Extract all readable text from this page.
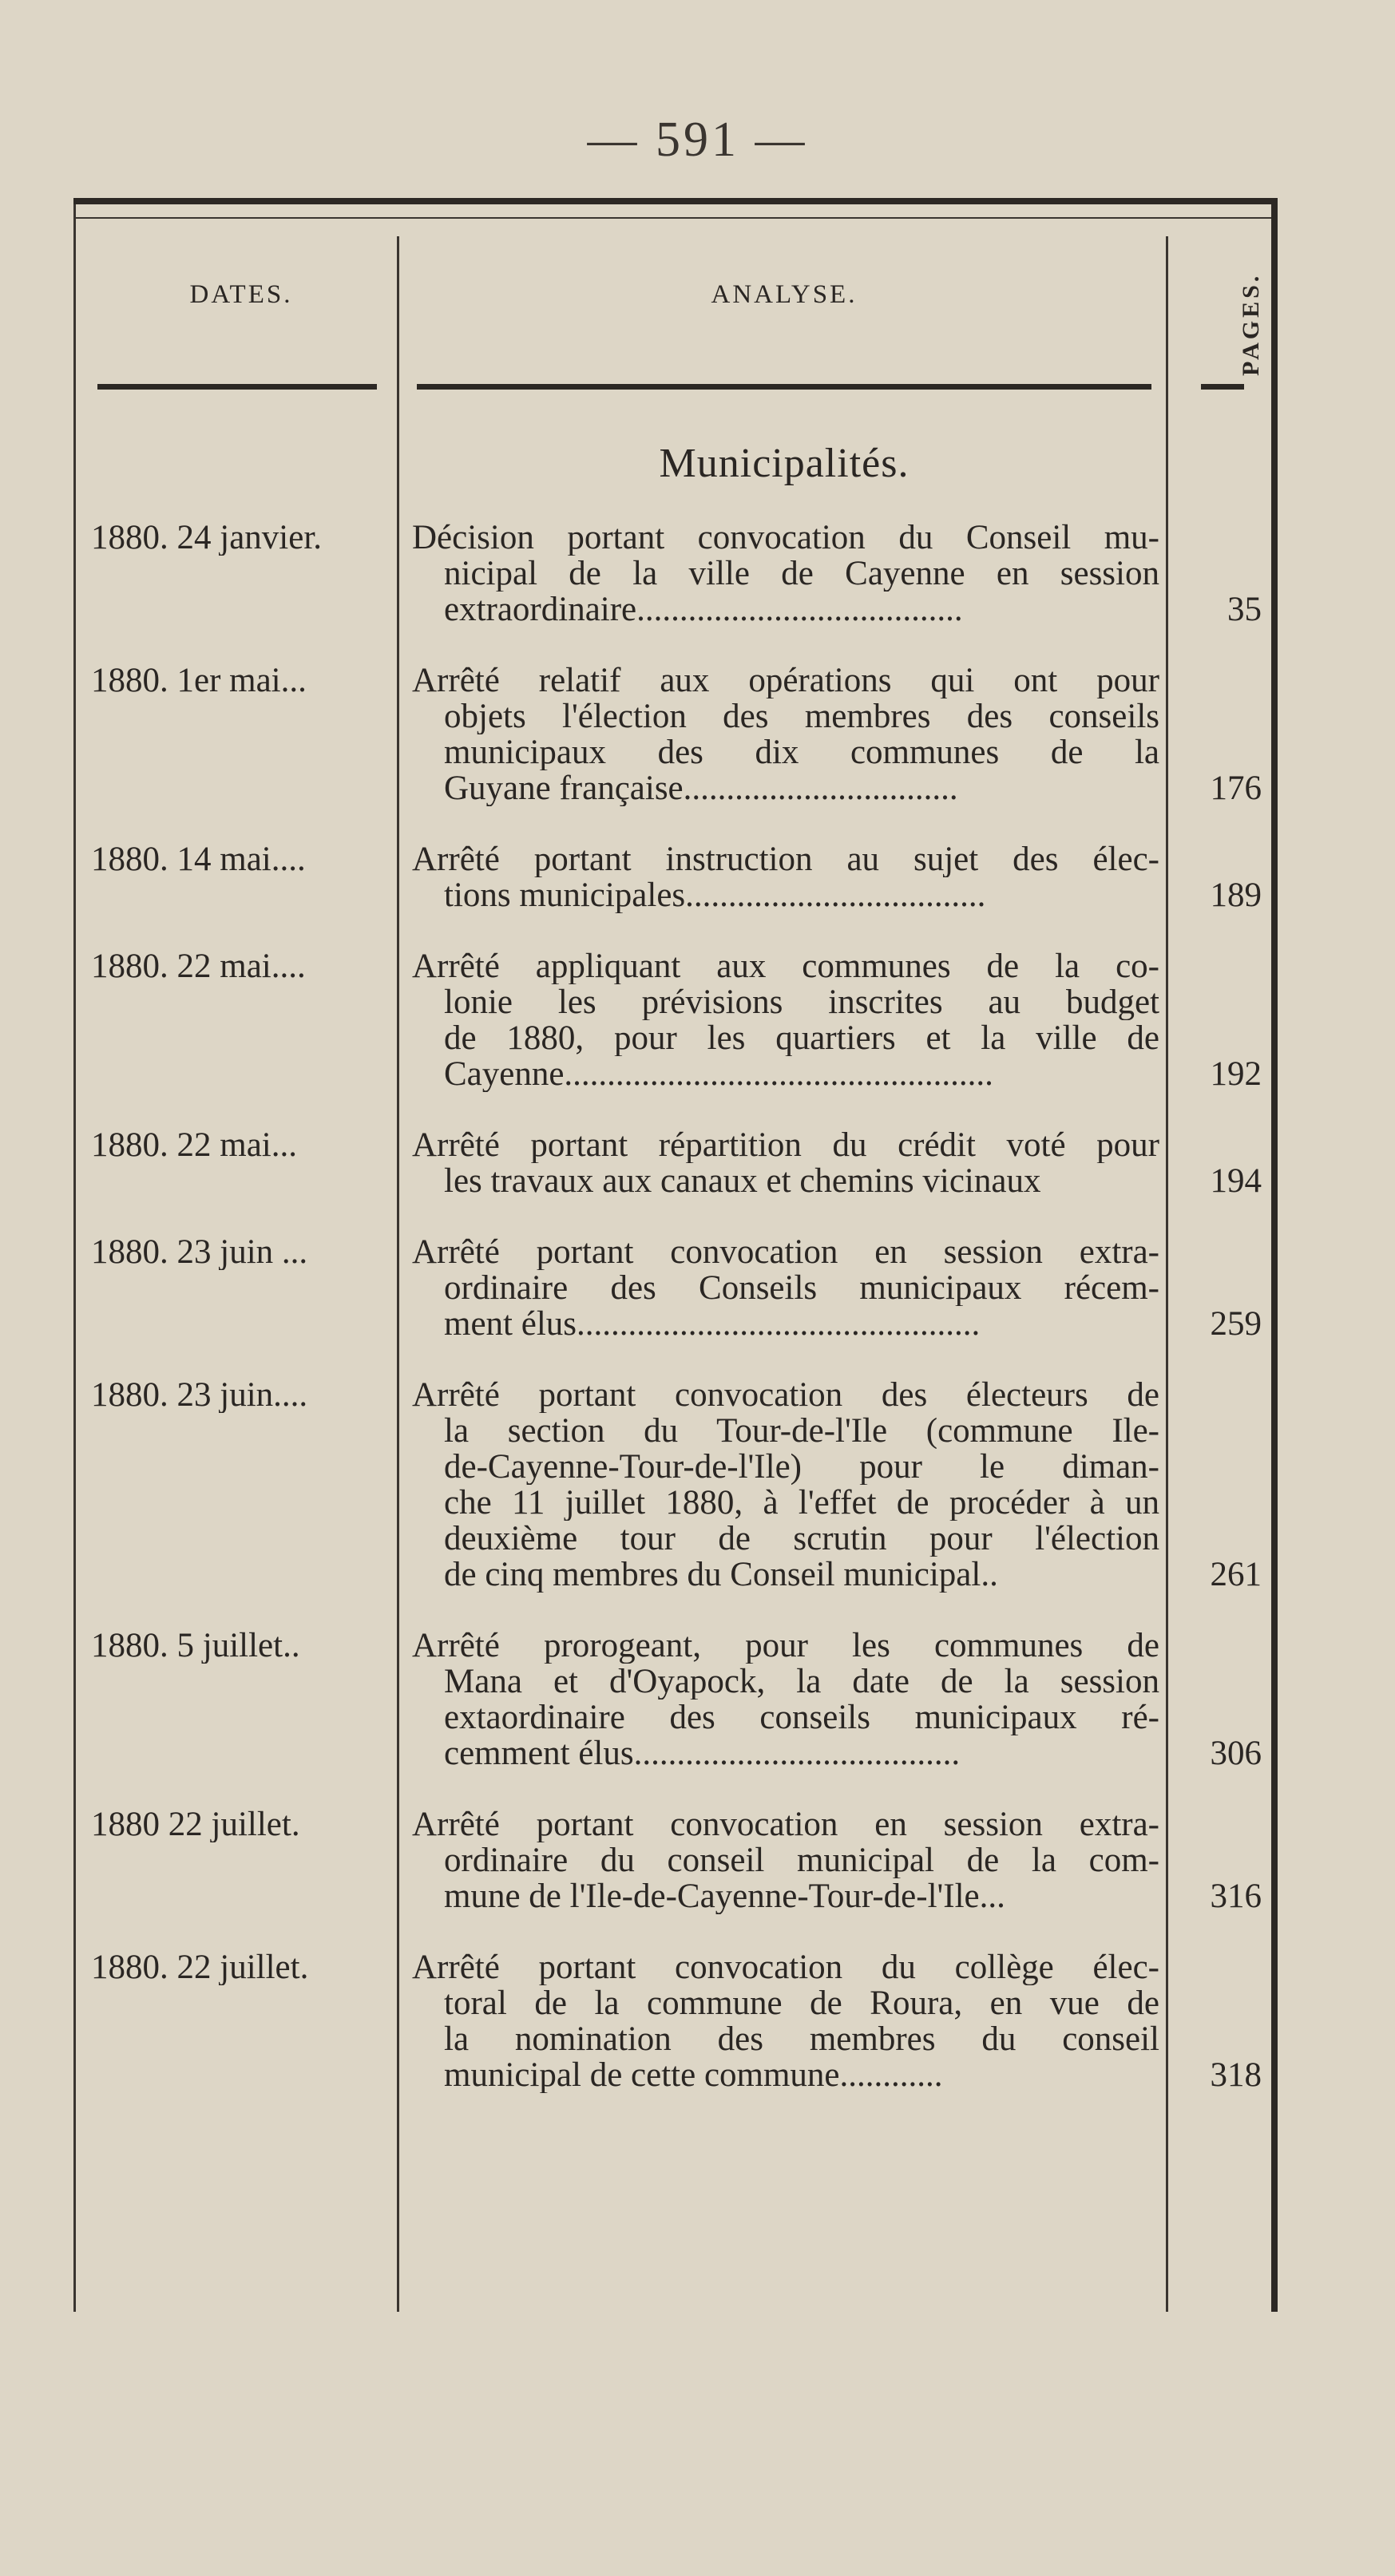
— 591 —
DATES.	ANALYSE.	PAGES.
Municipalités.
1880. 24 janvier.	Décision portant convocation du Conseil mu-
nicipal de la ville de Cayenne en session
extraordinaire......................................	35
1880. 1er mai...	Arrêté relatif aux opérations qui ont pour
objets l'élection des membres des conseils
municipaux des dix communes de la
Guyane française................................	176
1880. 14 mai....	Arrêté portant instruction au sujet des élec-
tions municipales...................................	189
1880. 22 mai....	Arrêté appliquant aux communes de la co-
lonie les prévisions inscrites au budget
de 1880, pour les quartiers et la ville de
Cayenne..................................................	192
1880. 22 mai...	Arrêté portant répartition du crédit voté pour
les travaux aux canaux et chemins vicinaux	194
1880. 23 juin ...	Arrêté portant convocation en session extra-
ordinaire des Conseils municipaux récem-
ment élus...............................................	259
1880. 23 juin....	Arrêté portant convocation des électeurs de
la section du Tour-de-l'Ile (commune Ile-
de-Cayenne-Tour-de-l'Ile) pour le diman-
che 11 juillet 1880, à l'effet de procéder à un
deuxième tour de scrutin pour l'élection
de cinq membres du Conseil municipal..	261
1880. 5 juillet..	Arrêté prorogeant, pour les communes de
Mana et d'Oyapock, la date de la session
extaordinaire des conseils municipaux ré-
cemment élus......................................	306
1880 22 juillet.	Arrêté portant convocation en session extra-
ordinaire du conseil municipal de la com-
mune de l'Ile-de-Cayenne-Tour-de-l'Ile...	316
1880. 22 juillet.	Arrêté portant convocation du collège élec-
toral de la commune de Roura, en vue de
la nomination des membres du conseil
municipal de cette commune............	318
